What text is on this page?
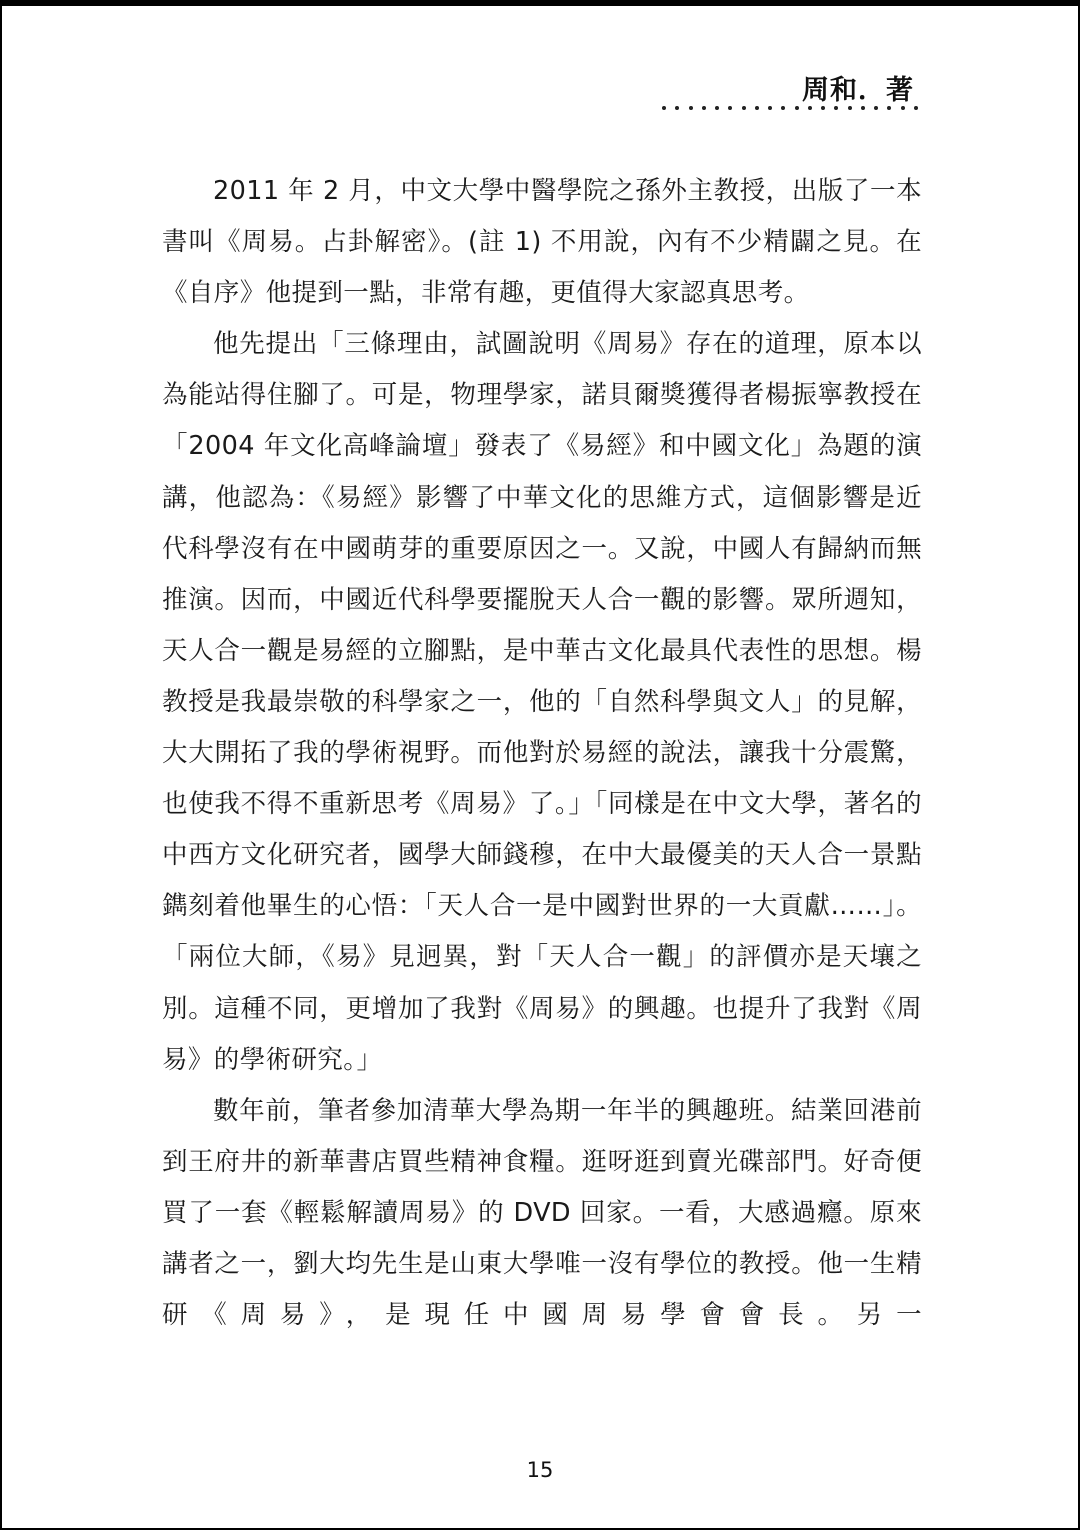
周和．著

2011 年 2 月，中文大學中醫學院之孫外主教授，出版了一本書叫《周易。占卦解密》。(註 1) 不用說，內有不少精闢之見。在《自序》他提到一點，非常有趣，更值得大家認真思考。

他先提出「三條理由，試圖說明《周易》存在的道理，原本以為能站得住腳了。可是，物理學家，諾貝爾獎獲得者楊振寧教授在「2004 年文化高峰論壇」發表了《易經》和中國文化」為題的演講，他認為：《易經》影響了中華文化的思維方式，這個影響是近代科學沒有在中國萌芽的重要原因之一。又說，中國人有歸納而無推演。因而，中國近代科學要擺脫天人合一觀的影響。眾所週知，天人合一觀是易經的立腳點，是中華古文化最具代表性的思想。楊教授是我最崇敬的科學家之一，他的「自然科學與文人」的見解，大大開拓了我的學術視野。而他對於易經的說法，讓我十分震驚，也使我不得不重新思考《周易》了。」「同樣是在中文大學，著名的中西方文化研究者，國學大師錢穆，在中大最優美的天人合一景點鐫刻着他畢生的心悟：「天人合一是中國對世界的一大貢獻……」。「兩位大師，《易》見迥異，對「天人合一觀」的評價亦是天壤之別。這種不同，更增加了我對《周易》的興趣。也提升了我對《周易》的學術研究。」

數年前，筆者參加清華大學為期一年半的興趣班。結業回港前到王府井的新華書店買些精神食糧。逛呀逛到賣光碟部門。好奇便買了一套《輕鬆解讀周易》的 DVD 回家。一看，大感過癮。原來講者之一，劉大均先生是山東大學唯一沒有學位的教授。他一生精研《周易》，是現任中國周易學會會長。另一

15
